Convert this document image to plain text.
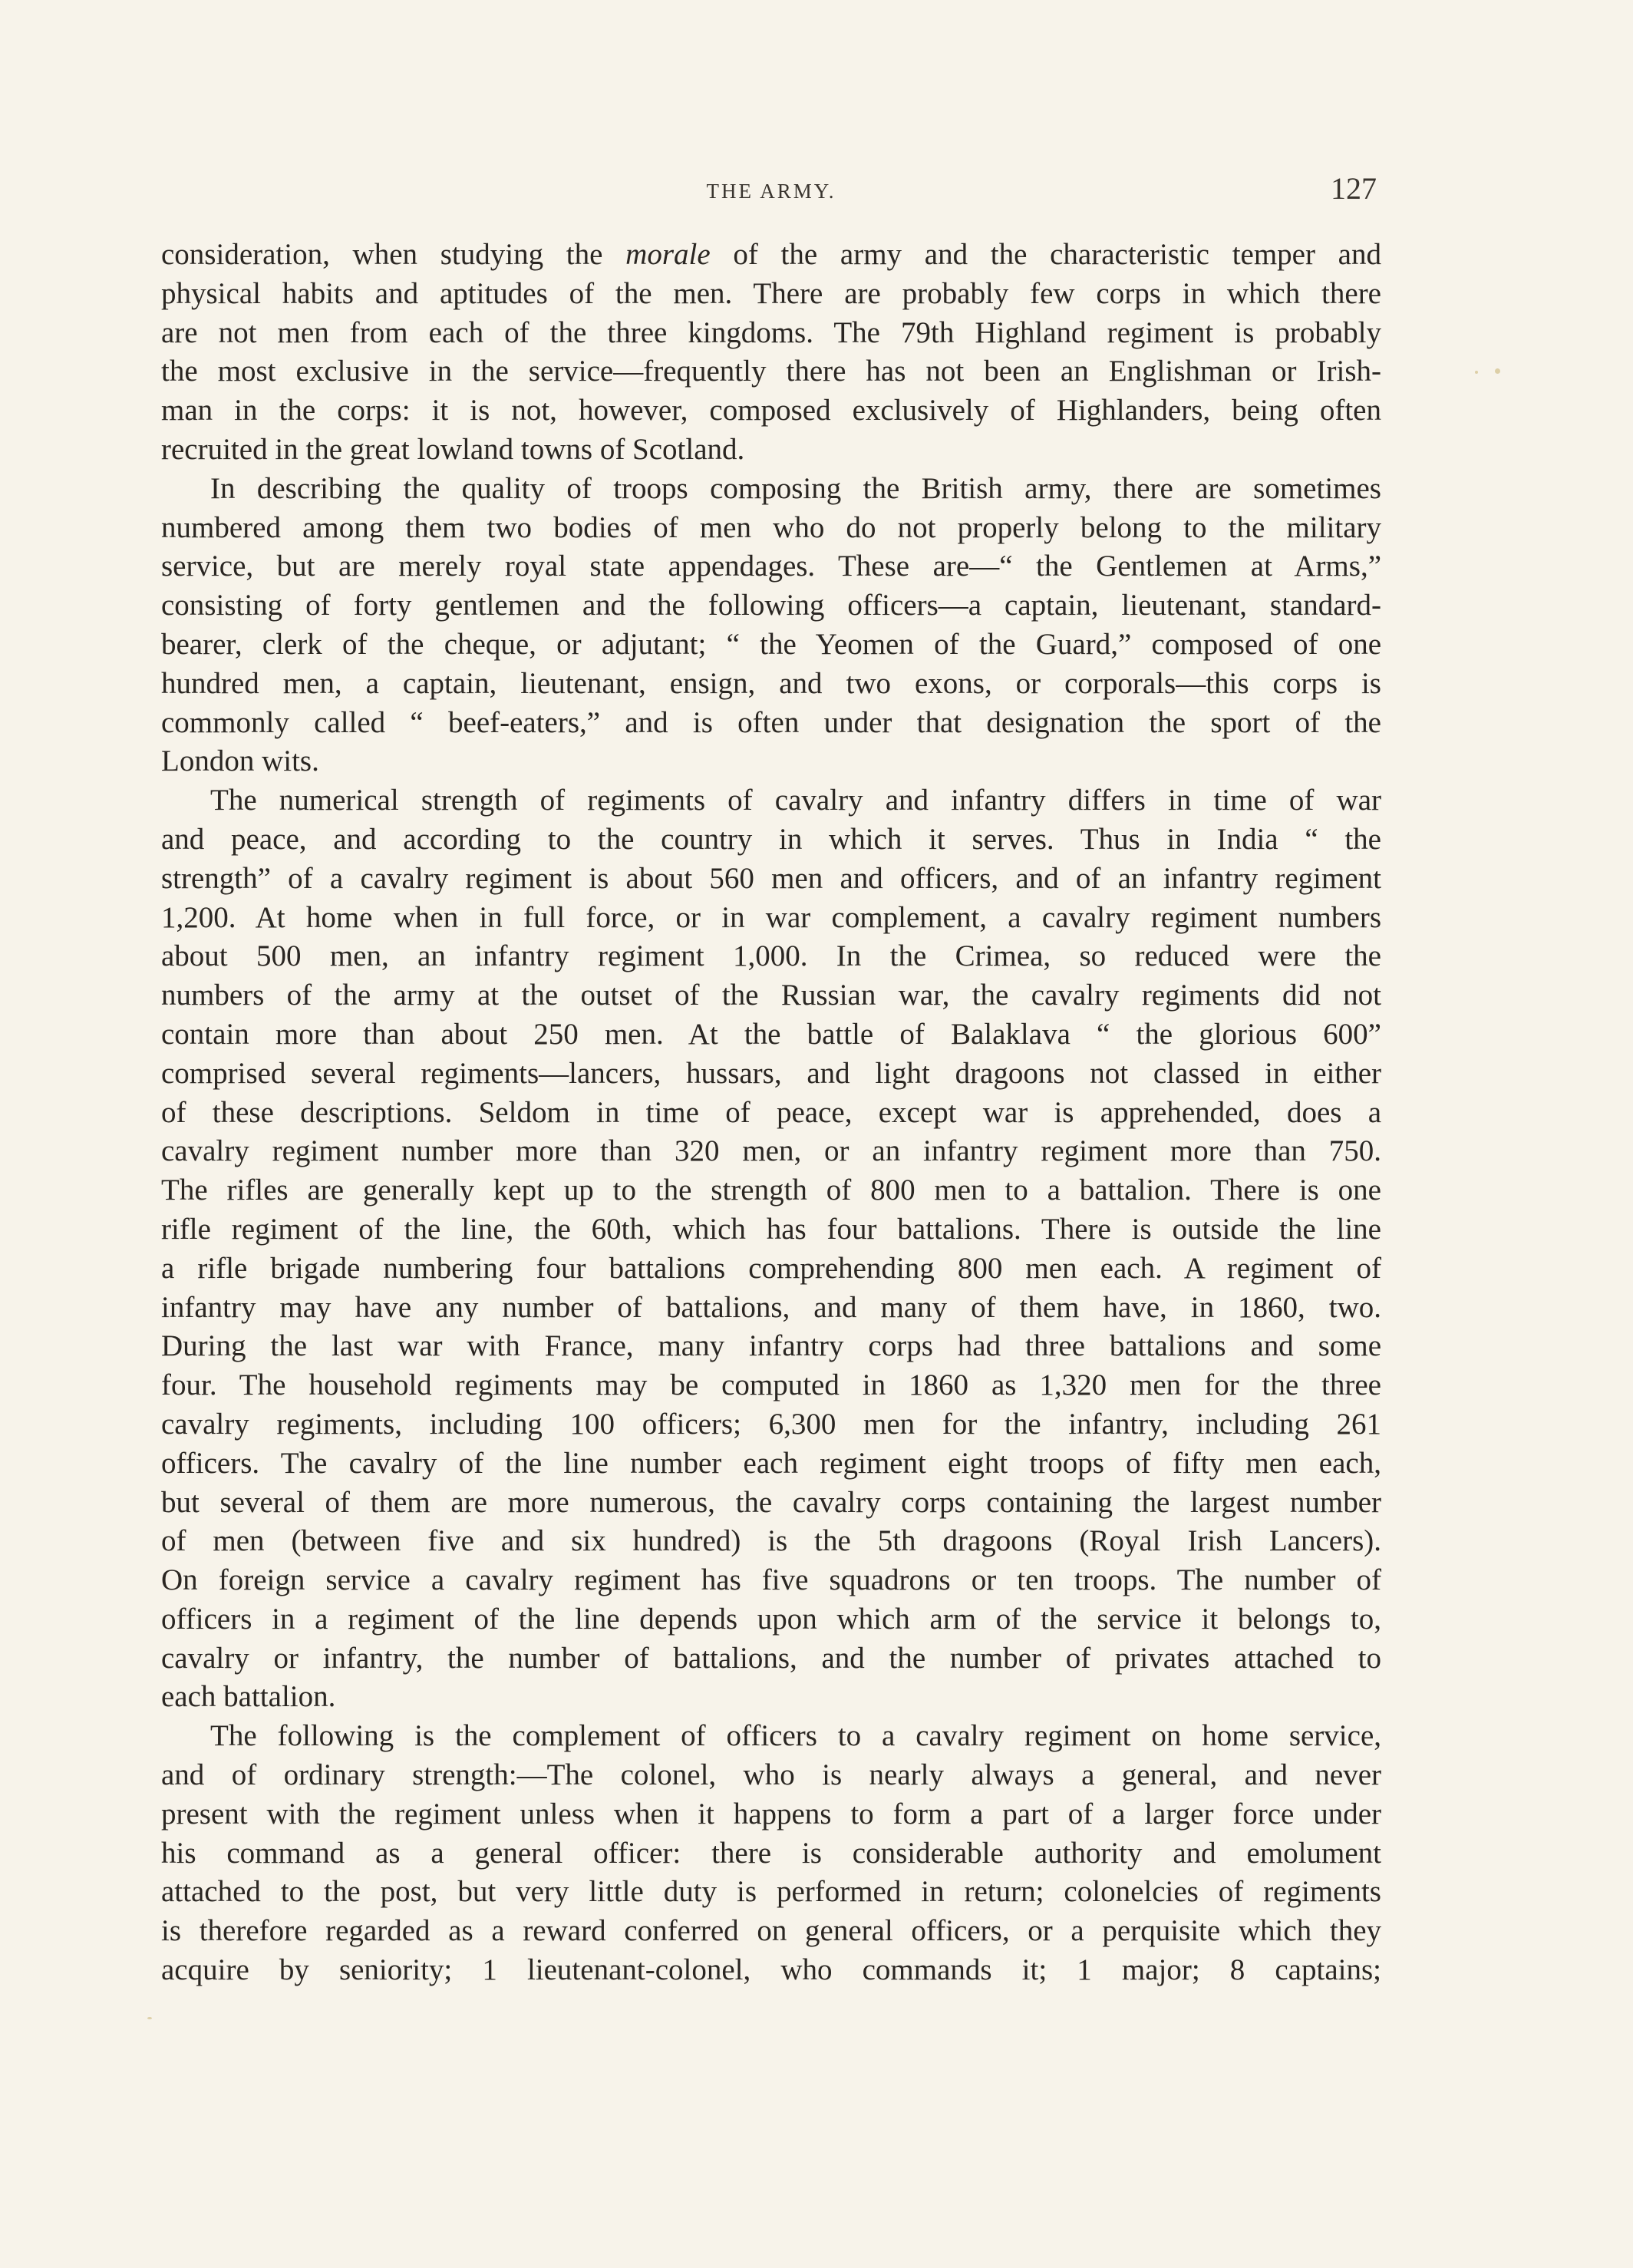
THE ARMY.	127
consideration, when studying the morale of the army and the characteristic temper and
physical habits and aptitudes of the men. There are probably few corps in which there
are not men from each of the three kingdoms. The 79th Highland regiment is probably
the most exclusive in the service—frequently there has not been an Englishman or Irish-
man in the corps: it is not, however, composed exclusively of Highlanders, being often
recruited in the great lowland towns of Scotland.
In describing the quality of troops composing the British army, there are sometimes
numbered among them two bodies of men who do not properly belong to the military
service, but are merely royal state appendages. These are—“ the Gentlemen at Arms,”
consisting of forty gentlemen and the following officers—a captain, lieutenant, standard-
bearer, clerk of the cheque, or adjutant; “ the Yeomen of the Guard,” composed of one
hundred men, a captain, lieutenant, ensign, and two exons, or corporals—this corps is
commonly called “ beef-eaters,” and is often under that designation the sport of the
London wits.
The numerical strength of regiments of cavalry and infantry differs in time of war
and peace, and according to the country in which it serves. Thus in India “ the
strength” of a cavalry regiment is about 560 men and officers, and of an infantry regiment
1,200. At home when in full force, or in war complement, a cavalry regiment numbers
about 500 men, an infantry regiment 1,000. In the Crimea, so reduced were the
numbers of the army at the outset of the Russian war, the cavalry regiments did not
contain more than about 250 men. At the battle of Balaklava “ the glorious 600”
comprised several regiments—lancers, hussars, and light dragoons not classed in either
of these descriptions. Seldom in time of peace, except war is apprehended, does a
cavalry regiment number more than 320 men, or an infantry regiment more than 750.
The rifles are generally kept up to the strength of 800 men to a battalion. There is one
rifle regiment of the line, the 60th, which has four battalions. There is outside the line
a rifle brigade numbering four battalions comprehending 800 men each. A regiment of
infantry may have any number of battalions, and many of them have, in 1860, two.
During the last war with France, many infantry corps had three battalions and some
four. The household regiments may be computed in 1860 as 1,320 men for the three
cavalry regiments, including 100 officers; 6,300 men for the infantry, including 261
officers. The cavalry of the line number each regiment eight troops of fifty men each,
but several of them are more numerous, the cavalry corps containing the largest number
of men (between five and six hundred) is the 5th dragoons (Royal Irish Lancers).
On foreign service a cavalry regiment has five squadrons or ten troops. The number of
officers in a regiment of the line depends upon which arm of the service it belongs to,
cavalry or infantry, the number of battalions, and the number of privates attached to
each battalion.
The following is the complement of officers to a cavalry regiment on home service,
and of ordinary strength:—The colonel, who is nearly always a general, and never
present with the regiment unless when it happens to form a part of a larger force under
his command as a general officer: there is considerable authority and emolument
attached to the post, but very little duty is performed in return; colonelcies of regiments
is therefore regarded as a reward conferred on general officers, or a perquisite which they
acquire by seniority; 1 lieutenant-colonel, who commands it; 1 major; 8 captains;
